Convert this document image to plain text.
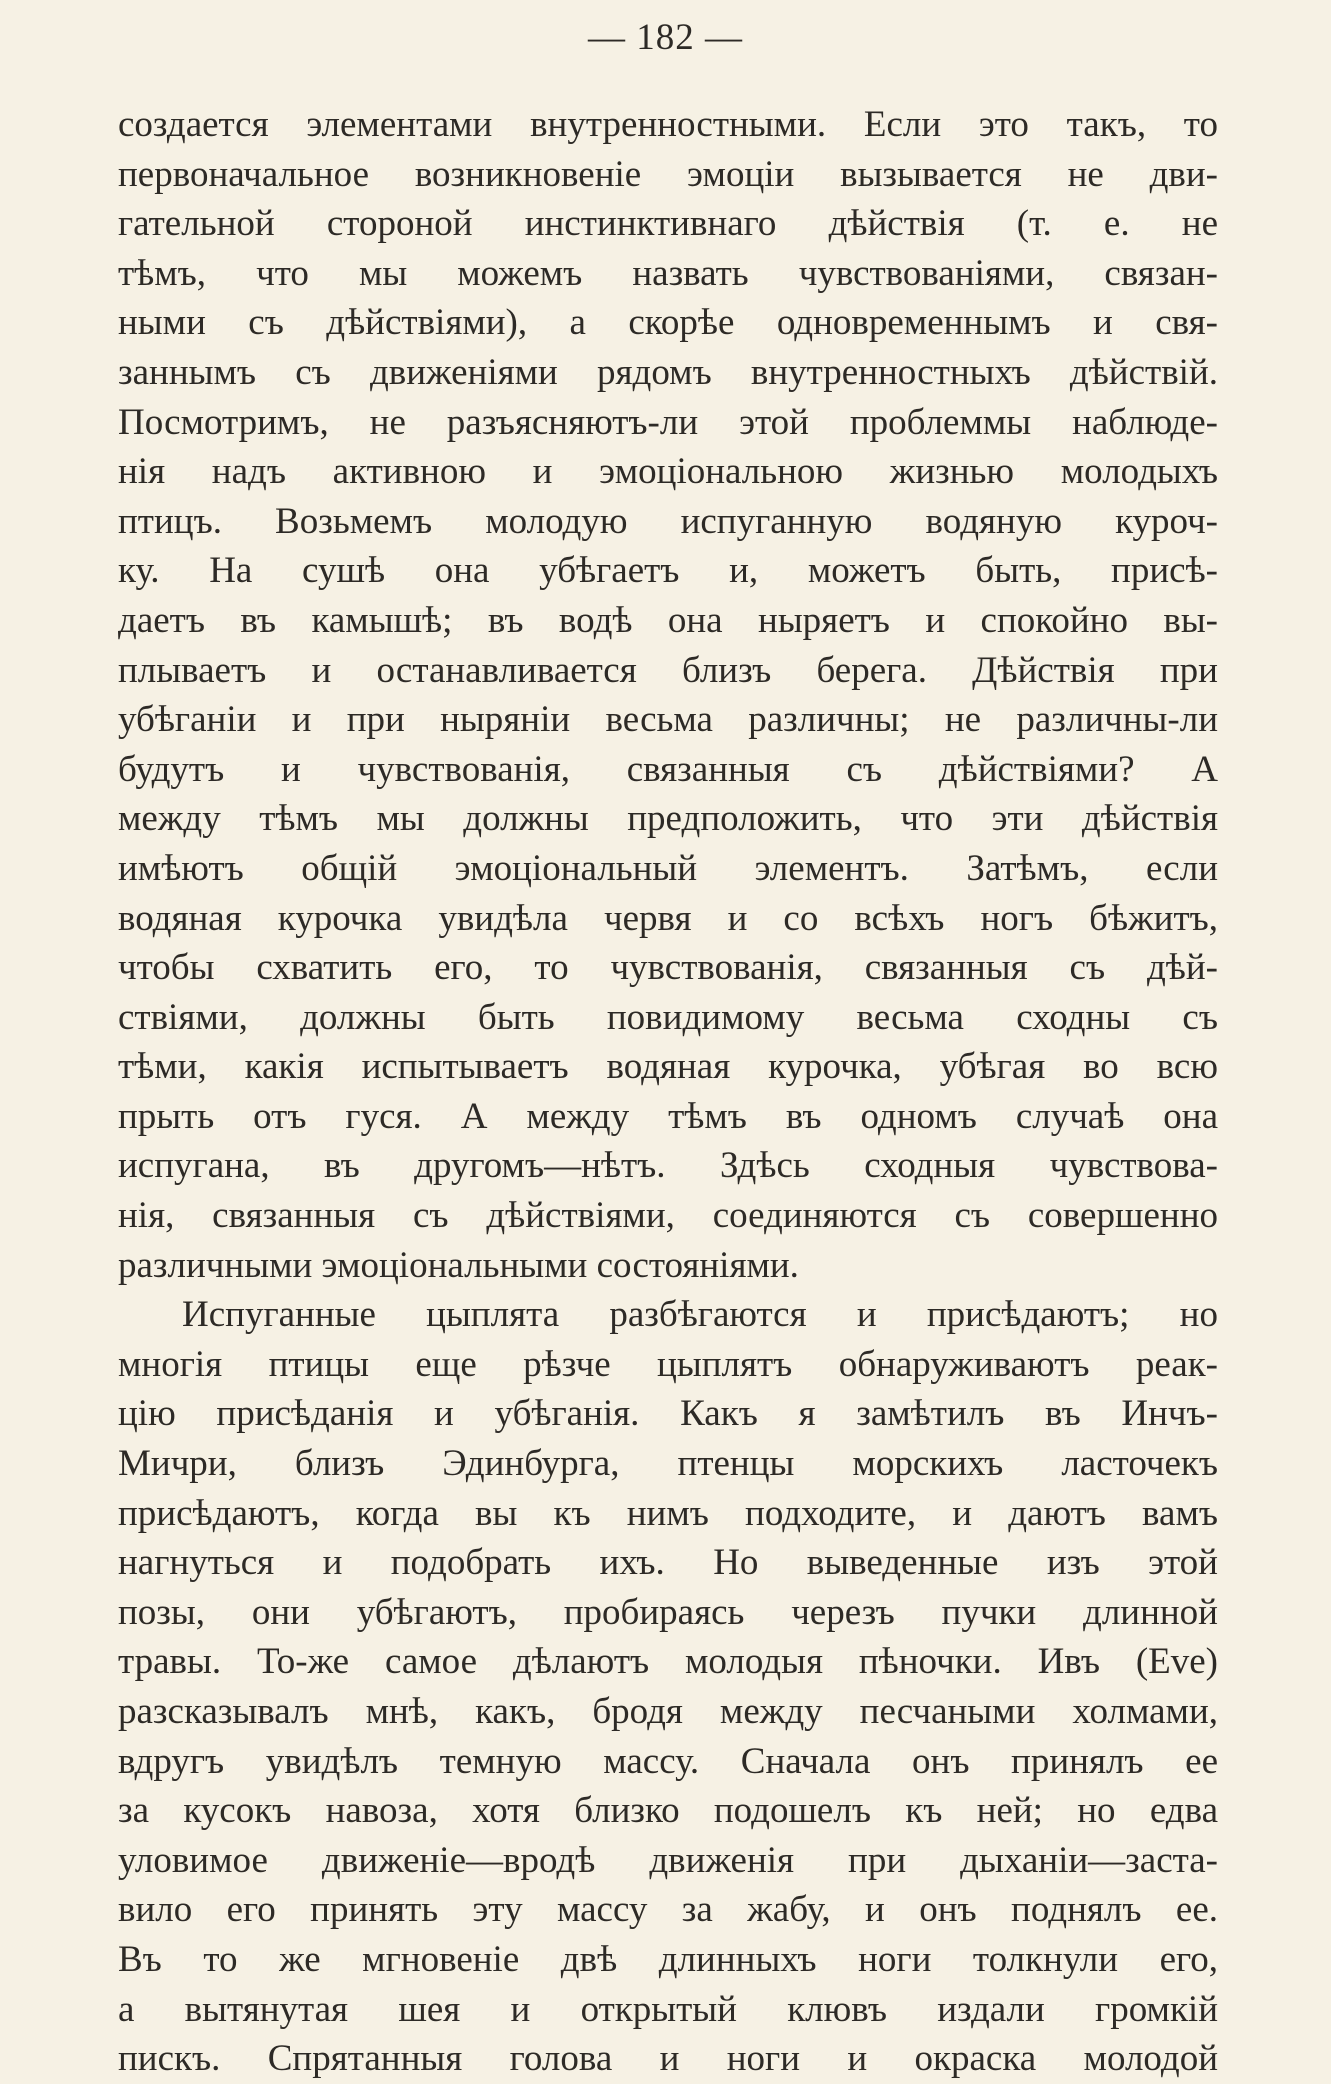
— 182 —
создается элементами внутренностными. Если это такъ, то
первоначальное возникновеніе эмоціи вызывается не дви-
гательной стороной инстинктивнаго дѣйствія (т. е. не
тѣмъ, что мы можемъ назвать чувствованіями, связан-
ными съ дѣйствіями), а скорѣе одновременнымъ и свя-
заннымъ съ движеніями рядомъ внутренностныхъ дѣйствій.
Посмотримъ, не разъясняютъ-ли этой проблеммы наблюде-
нія надъ активною и эмоціональною жизнью молодыхъ
птицъ. Возьмемъ молодую испуганную водяную куроч-
ку. На сушѣ она убѣгаетъ и, можетъ быть, присѣ-
даетъ въ камышѣ; въ водѣ она ныряетъ и спокойно вы-
плываетъ и останавливается близъ берега. Дѣйствія при
убѣганіи и при ныряніи весьма различны; не различны-ли
будутъ и чувствованія, связанныя съ дѣйствіями? А
между тѣмъ мы должны предположить, что эти дѣйствія
имѣютъ общій эмоціональный элементъ. Затѣмъ, если
водяная курочка увидѣла червя и со всѣхъ ногъ бѣжитъ,
чтобы схватить его, то чувствованія, связанныя съ дѣй-
ствіями, должны быть повидимому весьма сходны съ
тѣми, какія испытываетъ водяная курочка, убѣгая во всю
прыть отъ гуся. А между тѣмъ въ одномъ случаѣ она
испугана, въ другомъ—нѣтъ. Здѣсь сходныя чувствова-
нія, связанныя съ дѣйствіями, соединяются съ совершенно
различными эмоціональными состояніями.
Испуганные цыплята разбѣгаются и присѣдаютъ; но
многія птицы еще рѣзче цыплятъ обнаруживаютъ реак-
цію присѣданія и убѣганія. Какъ я замѣтилъ въ Инчъ-
Мичри, близъ Эдинбурга, птенцы морскихъ ласточекъ
присѣдаютъ, когда вы къ нимъ подходите, и даютъ вамъ
нагнуться и подобрать ихъ. Но выведенные изъ этой
позы, они убѣгаютъ, пробираясь черезъ пучки длинной
травы. То-же самое дѣлаютъ молодыя пѣночки. Ивъ (Eve)
разсказывалъ мнѣ, какъ, бродя между песчаными холмами,
вдругъ увидѣлъ темную массу. Сначала онъ принялъ ее
за кусокъ навоза, хотя близко подошелъ къ ней; но едва
уловимое движеніе—вродѣ движенія при дыханіи—заста-
вило его принять эту массу за жабу, и онъ поднялъ ее.
Въ то же мгновеніе двѣ длинныхъ ноги толкнули его,
а вытянутая шея и открытый клювъ издали громкій
пискъ. Спрятанныя голова и ноги и окраска молодой
